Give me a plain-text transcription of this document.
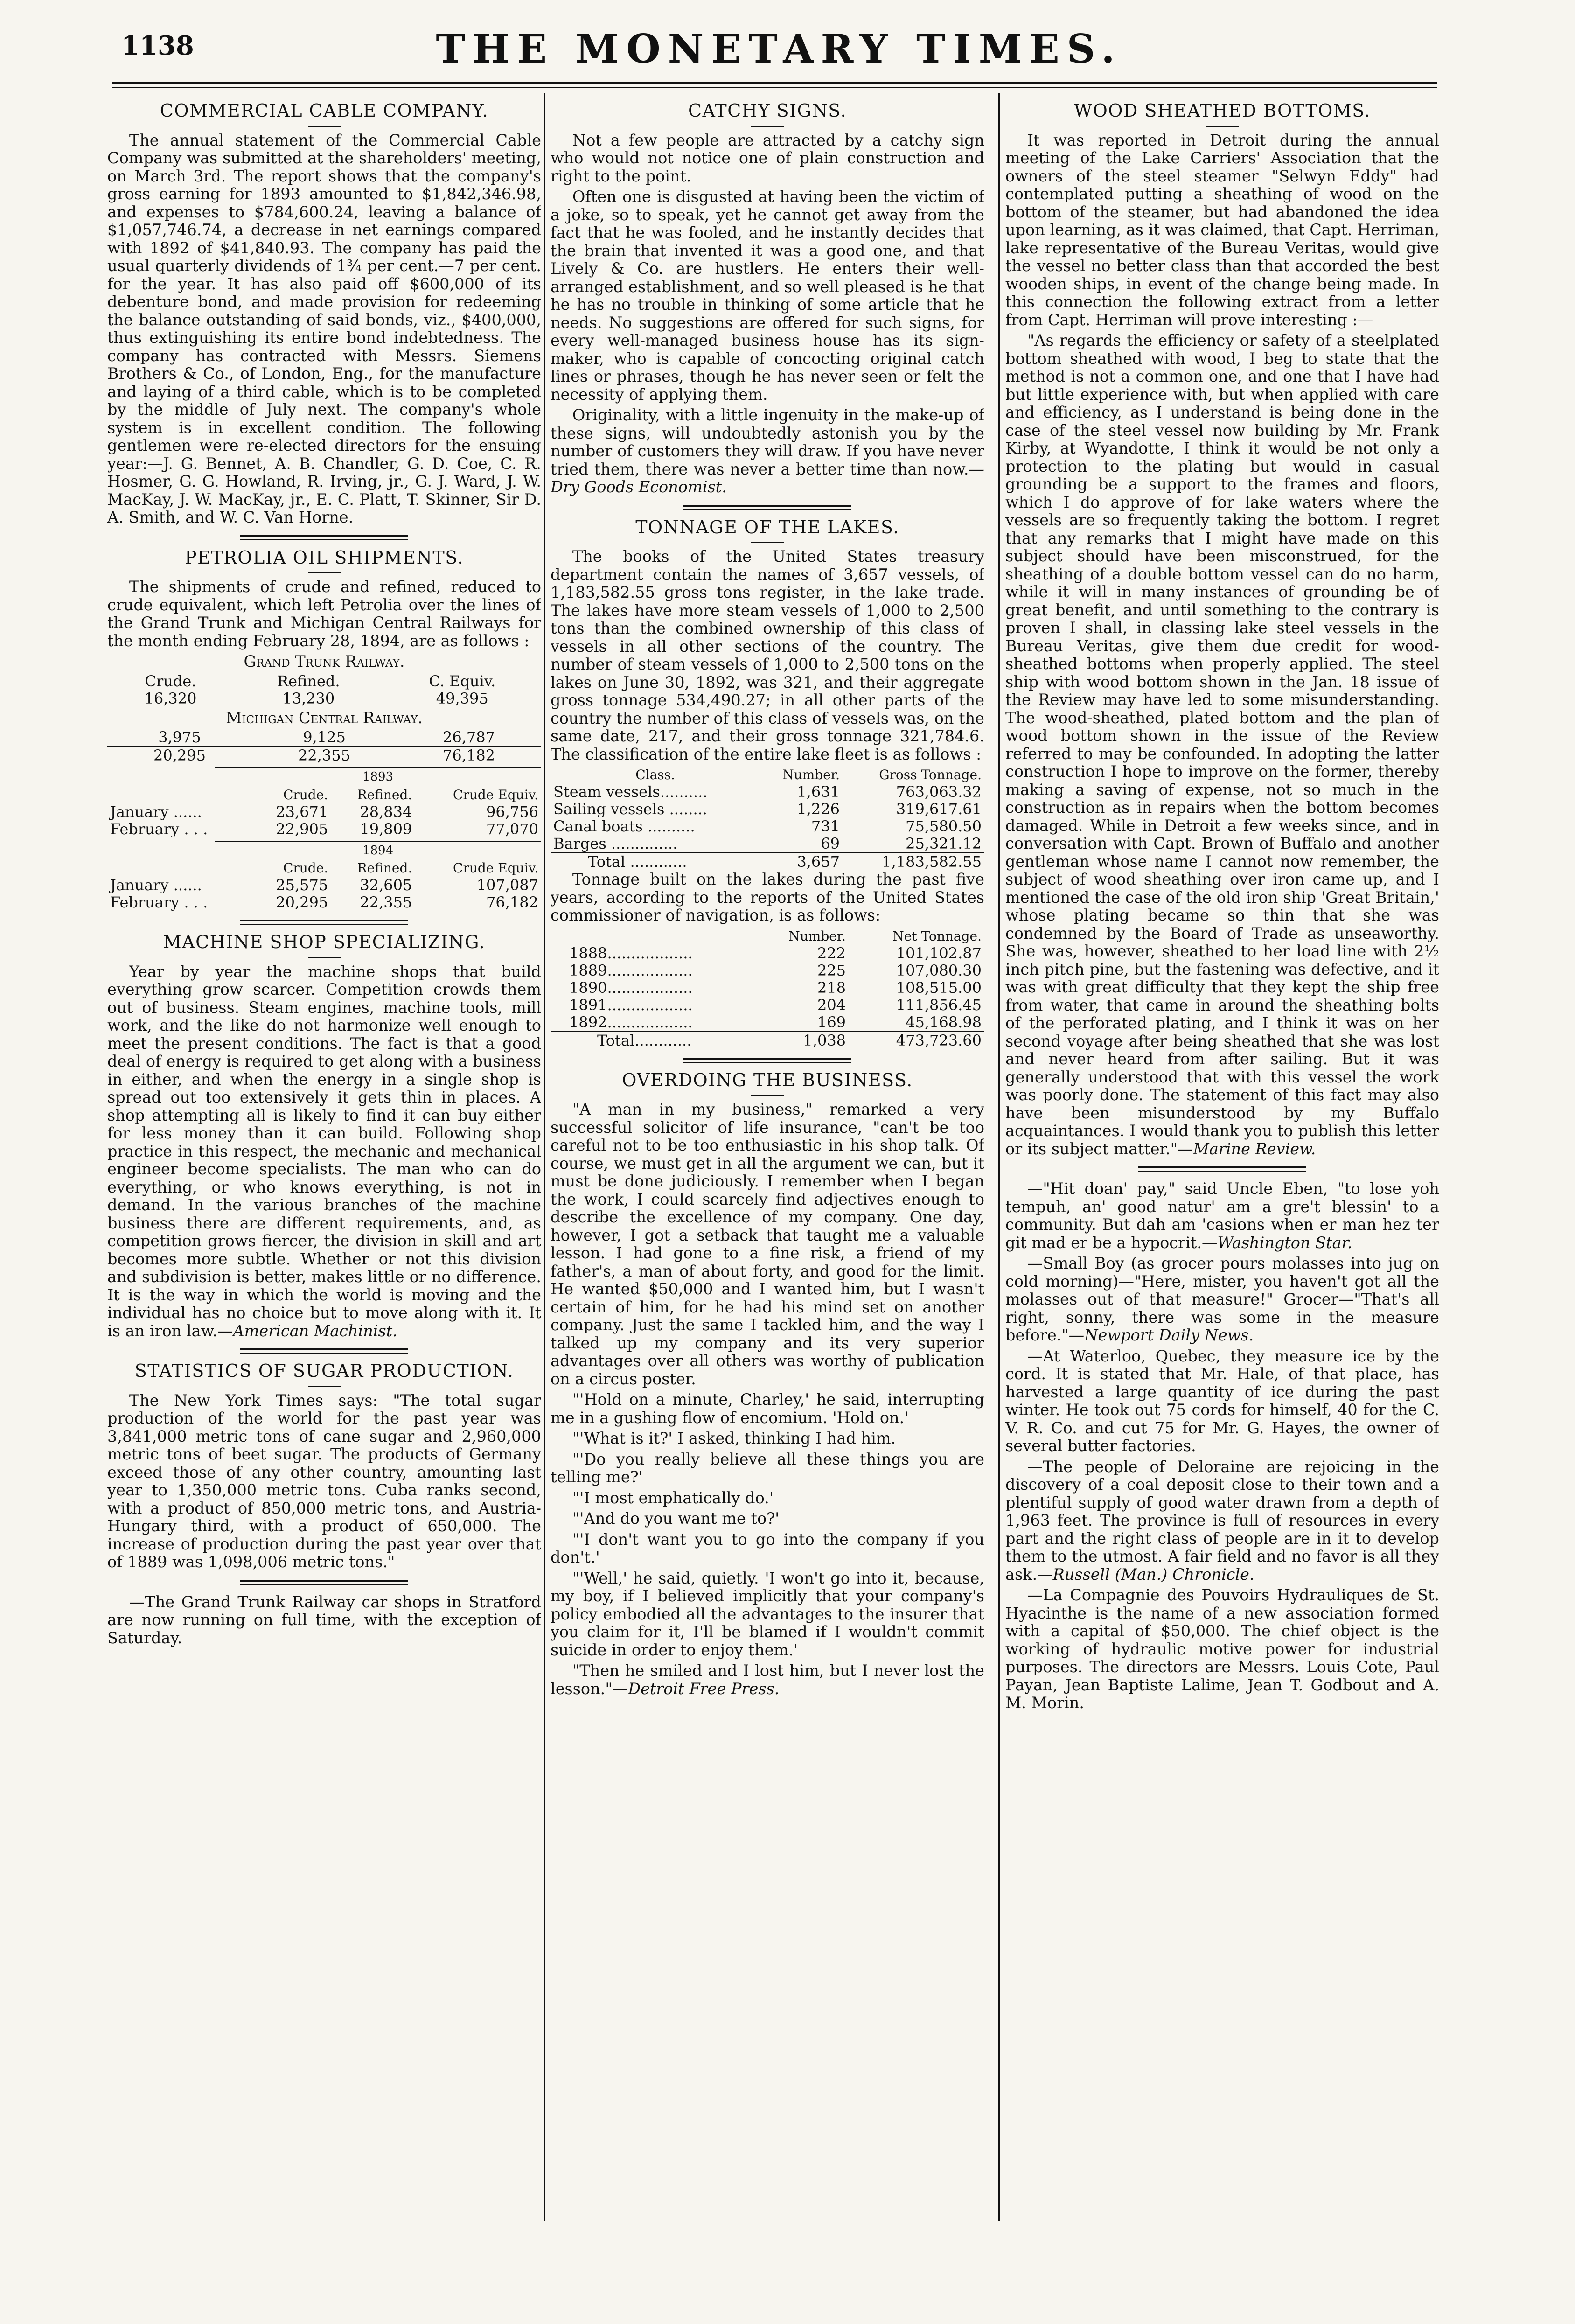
1138	THE MONETARY TIMES.
COMMERCIAL CABLE COMPANY.

The annual statement of the Commercial Cable Company was submitted at the shareholders' meeting, on March 3rd. The report shows that the company's gross earning for 1893 amounted to $1,842,346.98, and expenses to $784,600.24, leaving a balance of $1,057,746.74, a decrease in net earnings compared with 1892 of $41,840.93. The company has paid the usual quarterly dividends of 1¾ per cent.—7 per cent. for the year. It has also paid off $600,000 of its debenture bond, and made provision for redeeming the balance outstanding of said bonds, viz., $400,000, thus extinguishing its entire bond indebtedness. The company has contracted with Messrs. Siemens Brothers & Co., of London, Eng., for the manufacture and laying of a third cable, which is to be completed by the middle of July next. The company's whole system is in excellent condition. The following gentlemen were re-elected directors for the ensuing year:—J. G. Bennet, A. B. Chandler, G. D. Coe, C. R. Hosmer, G. G. Howland, R. Irving, jr., G. J. Ward, J. W. MacKay, J. W. MacKay, jr., E. C. Platt, T. Skinner, Sir D. A. Smith, and W. C. Van Horne.

PETROLIA OIL SHIPMENTS.

The shipments of crude and refined, reduced to crude equivalent, which left Petrolia over the lines of the Grand Trunk and Michigan Central Railways for the month ending February 28, 1894, are as follows :

Grand Trunk Railway.
Crude.	Refined.	C. Equiv.
16,320	13,230	49,395
Michigan Central Railway.
3,975	9,125	26,787
20,295	22,355	76,182
1893
	Crude.	Refined.	Crude Equiv.
January ......	23,671	28,834	96,756
February . . .	22,905	19,809	77,070
1894
	Crude.	Refined.	Crude Equiv.
January ......	25,575	32,605	107,087
February . . .	20,295	22,355	76,182
MACHINE SHOP SPECIALIZING.

Year by year the machine shops that build everything grow scarcer. Competition crowds them out of business. Steam engines, machine tools, mill work, and the like do not harmonize well enough to meet the present conditions. The fact is that a good deal of energy is required to get along with a business in either, and when the energy in a single shop is spread out too extensively it gets thin in places. A shop attempting all is likely to find it can buy either for less money than it can build. Following shop practice in this respect, the mechanic and mechanical engineer become specialists. The man who can do everything, or who knows everything, is not in demand. In the various branches of the machine business there are different requirements, and, as competition grows fiercer, the division in skill and art becomes more subtle. Whether or not this division and subdivision is better, makes little or no difference. It is the way in which the world is moving and the individual has no choice but to move along with it. It is an iron law.—American Machinist.

STATISTICS OF SUGAR PRODUCTION.

The New York Times says: "The total sugar production of the world for the past year was 3,841,000 metric tons of cane sugar and 2,960,000 metric tons of beet sugar. The products of Germany exceed those of any other country, amounting last year to 1,350,000 metric tons. Cuba ranks second, with a product of 850,000 metric tons, and Austria-Hungary third, with a product of 650,000. The increase of production during the past year over that of 1889 was 1,098,006 metric tons."

—The Grand Trunk Railway car shops in Stratford are now running on full time, with the exception of Saturday.

CATCHY SIGNS.

Not a few people are attracted by a catchy sign who would not notice one of plain construction and right to the point.

Often one is disgusted at having been the victim of a joke, so to speak, yet he cannot get away from the fact that he was fooled, and he instantly decides that the brain that invented it was a good one, and that Lively & Co. are hustlers. He enters their well-arranged establishment, and so well pleased is he that he has no trouble in thinking of some article that he needs. No suggestions are offered for such signs, for every well-managed business house has its sign-maker, who is capable of concocting original catch lines or phrases, though he has never seen or felt the necessity of applying them.

Originality, with a little ingenuity in the make-up of these signs, will undoubtedly astonish you by the number of customers they will draw. If you have never tried them, there was never a better time than now.—Dry Goods Economist.

TONNAGE OF THE LAKES.

The books of the United States treasury department contain the names of 3,657 vessels, of 1,183,582.55 gross tons register, in the lake trade. The lakes have more steam vessels of 1,000 to 2,500 tons than the combined ownership of this class of vessels in all other sections of the country. The number of steam vessels of 1,000 to 2,500 tons on the lakes on June 30, 1892, was 321, and their aggregate gross tonnage 534,490.27; in all other parts of the country the number of this class of vessels was, on the same date, 217, and their gross tonnage 321,784.6. The classification of the entire lake fleet is as follows :

Class.	Number.	Gross Tonnage.
Steam vessels..........	1,631	763,063.32
Sailing vessels ........	1,226	319,617.61
Canal boats ..........	731	75,580.50
Barges ..............	69	25,321.12
Total ............	3,657	1,183,582.55

Tonnage built on the lakes during the past five years, according to the reports of the United States commissioner of navigation, is as follows:

	Number.	Net Tonnage.
1888..................	222	101,102.87
1889..................	225	107,080.30
1890..................	218	108,515.00
1891..................	204	111,856.45
1892..................	169	45,168.98
Total............	1,038	473,723.60
OVERDOING THE BUSINESS.

"A man in my business," remarked a very successful solicitor of life insurance, "can't be too careful not to be too enthusiastic in his shop talk. Of course, we must get in all the argument we can, but it must be done judiciously. I remember when I began the work, I could scarcely find adjectives enough to describe the excellence of my company. One day, however, I got a setback that taught me a valuable lesson. I had gone to a fine risk, a friend of my father's, a man of about forty, and good for the limit. He wanted $50,000 and I wanted him, but I wasn't certain of him, for he had his mind set on another company. Just the same I tackled him, and the way I talked up my company and its very superior advantages over all others was worthy of publication on a circus poster.

"'Hold on a minute, Charley,' he said, interrupting me in a gushing flow of encomium. 'Hold on.'

"'What is it?' I asked, thinking I had him.

"'Do you really believe all these things you are telling me?'

"'I most emphatically do.'

"'And do you want me to?'

"'I don't want you to go into the company if you don't.'

"'Well,' he said, quietly. 'I won't go into it, because, my boy, if I believed implicitly that your company's policy embodied all the advantages to the insurer that you claim for it, I'll be blamed if I wouldn't commit suicide in order to enjoy them.'

"Then he smiled and I lost him, but I never lost the lesson."—Detroit Free Press.

WOOD SHEATHED BOTTOMS.

It was reported in Detroit during the annual meeting of the Lake Carriers' Association that the owners of the steel steamer "Selwyn Eddy" had contemplated putting a sheathing of wood on the bottom of the steamer, but had abandoned the idea upon learning, as it was claimed, that Capt. Herriman, lake representative of the Bureau Veritas, would give the vessel no better class than that accorded the best wooden ships, in event of the change being made. In this connection the following extract from a letter from Capt. Herriman will prove interesting :—

"As regards the efficiency or safety of a steelplated bottom sheathed with wood, I beg to state that the method is not a common one, and one that I have had but little experience with, but when applied with care and efficiency, as I understand is being done in the case of the steel vessel now building by Mr. Frank Kirby, at Wyandotte, I think it would be not only a protection to the plating but would in casual grounding be a support to the frames and floors, which I do approve of for lake waters where the vessels are so frequently taking the bottom. I regret that any remarks that I might have made on this subject should have been misconstrued, for the sheathing of a double bottom vessel can do no harm, while it will in many instances of grounding be of great benefit, and until something to the contrary is proven I shall, in classing lake steel vessels in the Bureau Veritas, give them due credit for wood-sheathed bottoms when properly applied. The steel ship with wood bottom shown in the Jan. 18 issue of the Review may have led to some misunderstanding. The wood-sheathed, plated bottom and the plan of wood bottom shown in the issue of the Review referred to may be confounded. In adopting the latter construction I hope to improve on the former, thereby making a saving of expense, not so much in the construction as in repairs when the bottom becomes damaged. While in Detroit a few weeks since, and in conversation with Capt. Brown of Buffalo and another gentleman whose name I cannot now remember, the subject of wood sheathing over iron came up, and I mentioned the case of the old iron ship 'Great Britain,' whose plating became so thin that she was condemned by the Board of Trade as unseaworthy. She was, however, sheathed to her load line with 2½ inch pitch pine, but the fastening was defective, and it was with great difficulty that they kept the ship free from water, that came in around the sheathing bolts of the perforated plating, and I think it was on her second voyage after being sheathed that she was lost and never heard from after sailing. But it was generally understood that with this vessel the work was poorly done. The statement of this fact may also have been misunderstood by my Buffalo acquaintances. I would thank you to publish this letter or its subject matter."—Marine Review.

—"Hit doan' pay," said Uncle Eben, "to lose yoh tempuh, an' good natur' am a gre't blessin' to a community. But dah am 'casions when er man hez ter git mad er be a hypocrit.—Washington Star.

—Small Boy (as grocer pours molasses into jug on cold morning)—"Here, mister, you haven't got all the molasses out of that measure!" Grocer—"That's all right, sonny, there was some in the measure before."—Newport Daily News.

—At Waterloo, Quebec, they measure ice by the cord. It is stated that Mr. Hale, of that place, has harvested a large quantity of ice during the past winter. He took out 75 cords for himself, 40 for the C. V. R. Co. and cut 75 for Mr. G. Hayes, the owner of several butter factories.

—The people of Deloraine are rejoicing in the discovery of a coal deposit close to their town and a plentiful supply of good water drawn from a depth of 1,963 feet. The province is full of resources in every part and the right class of people are in it to develop them to the utmost. A fair field and no favor is all they ask.—Russell (Man.) Chronicle.

—La Compagnie des Pouvoirs Hydrauliques de St. Hyacinthe is the name of a new association formed with a capital of $50,000. The chief object is the working of hydraulic motive power for industrial purposes. The directors are Messrs. Louis Cote, Paul Payan, Jean Baptiste Lalime, Jean T. Godbout and A. M. Morin.
